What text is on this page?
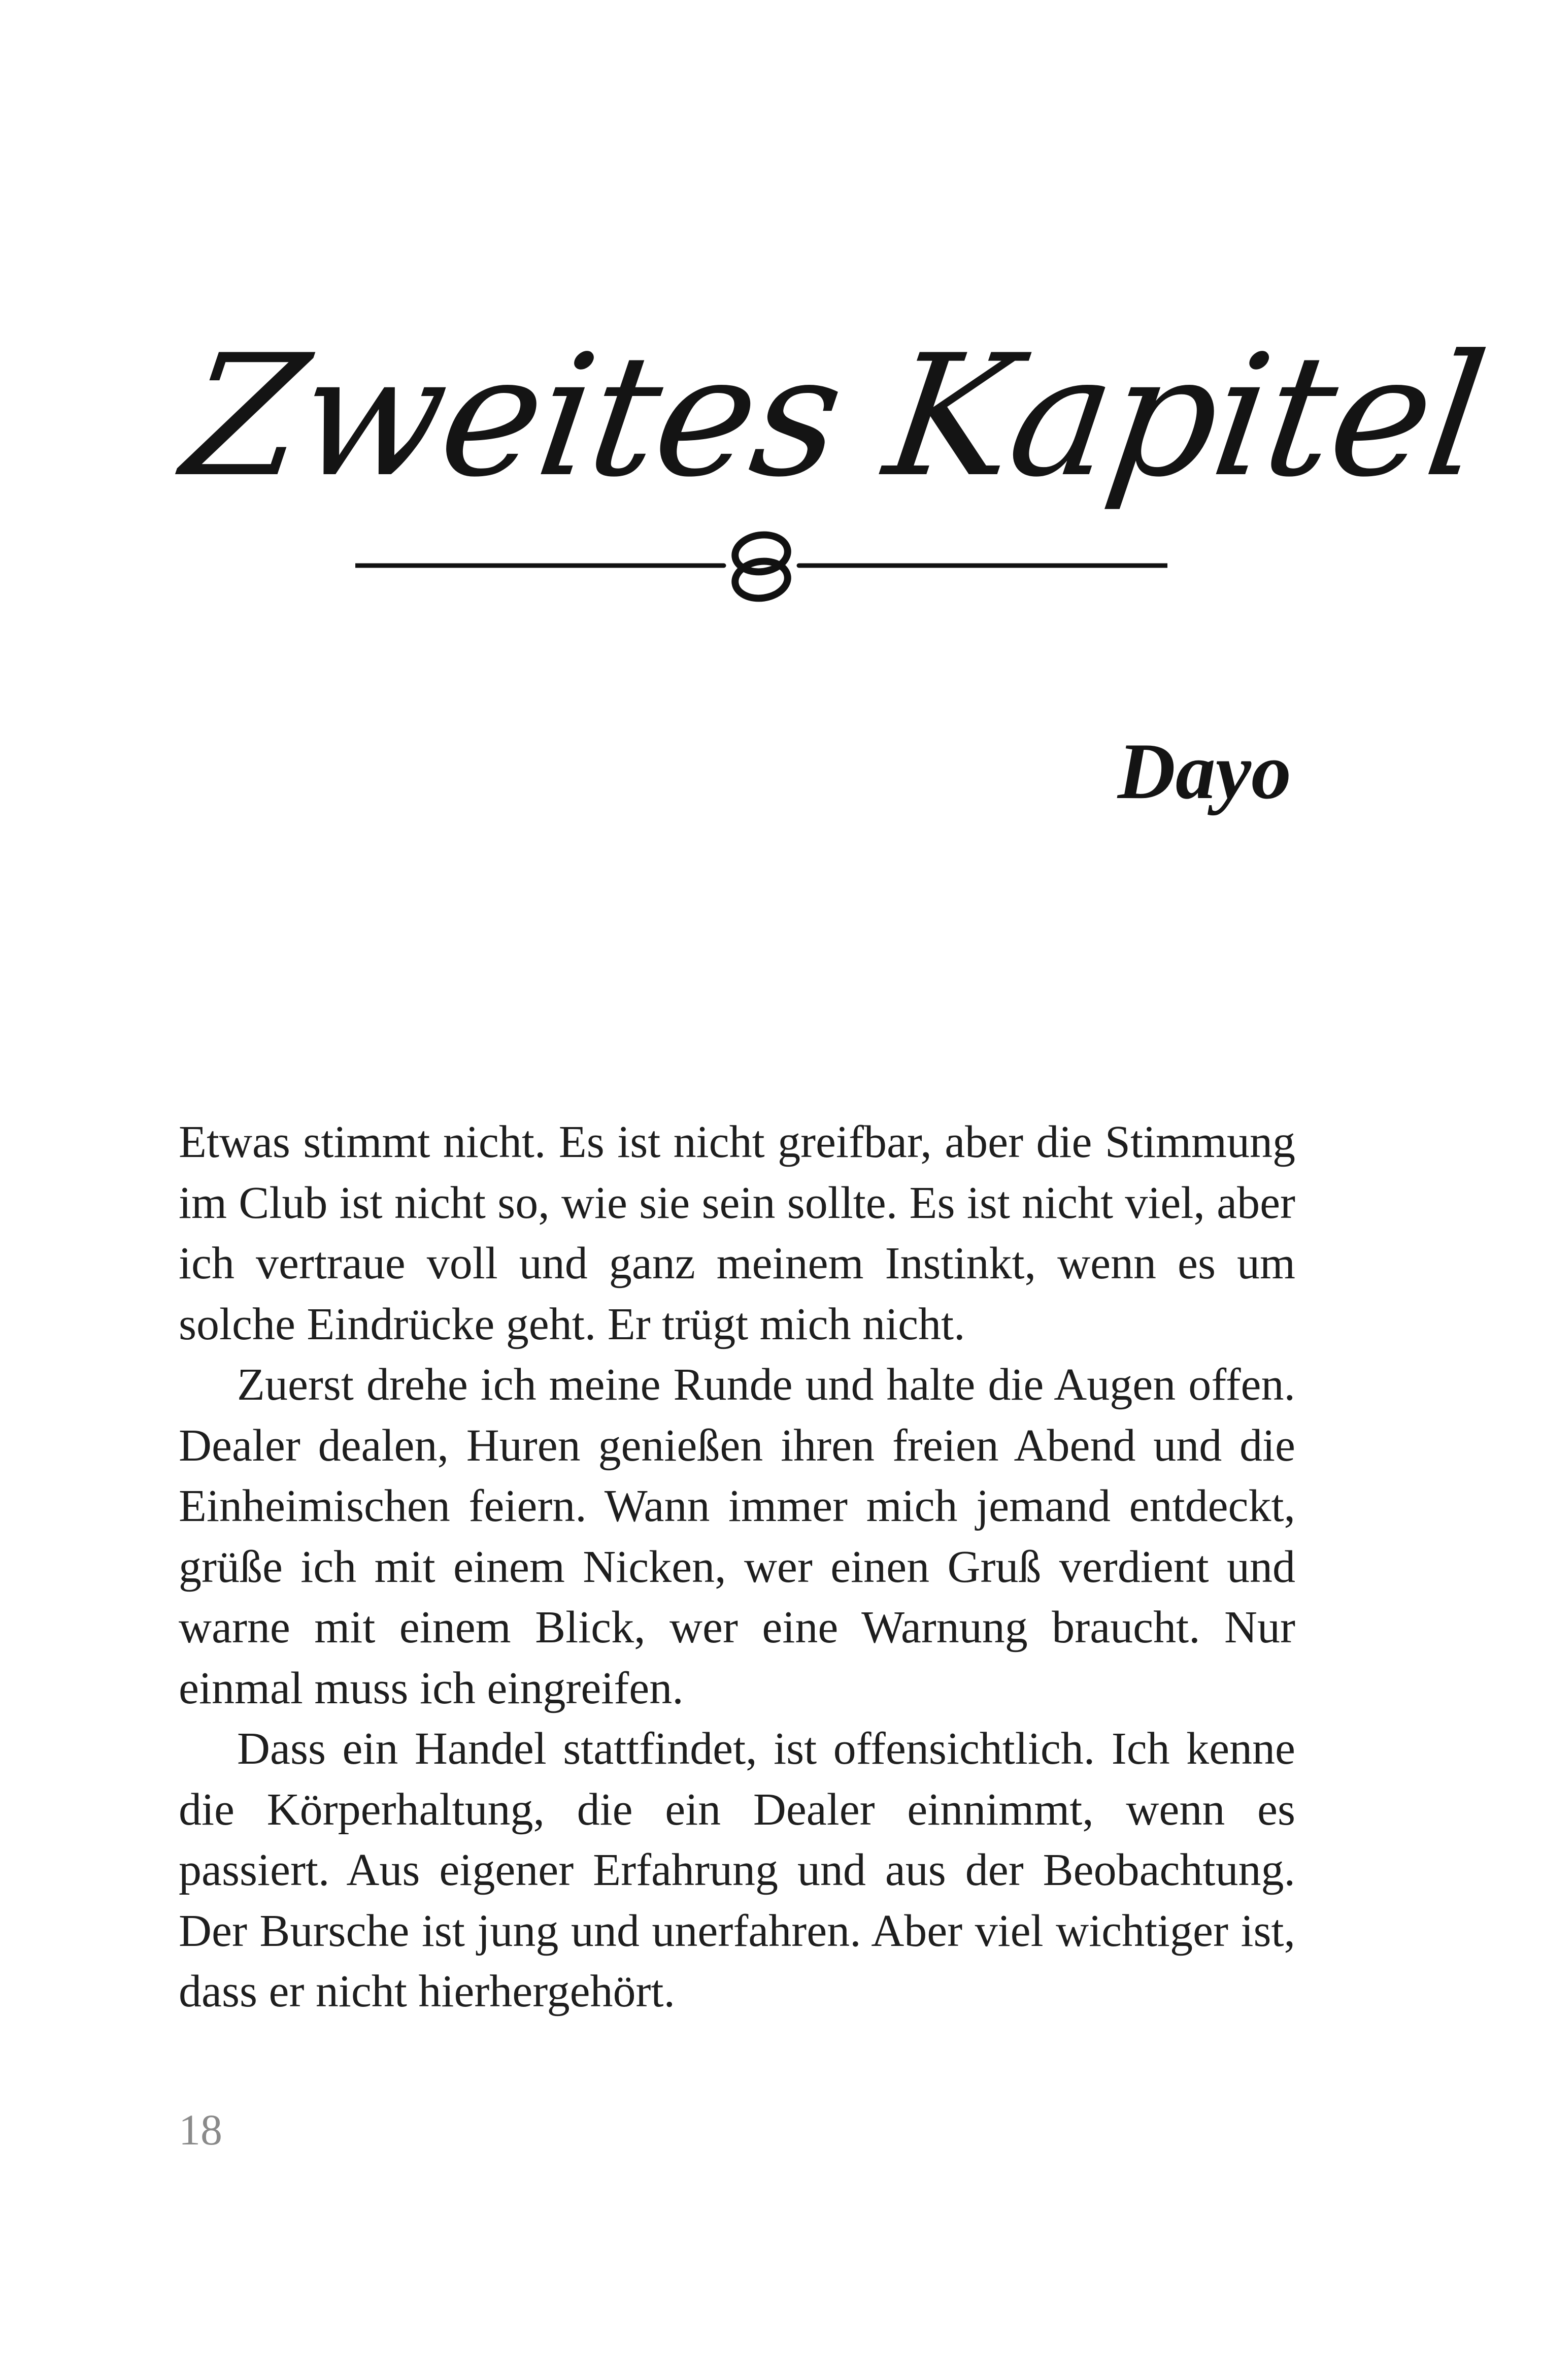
Zweites Kapitel
Dayo

Etwas stimmt nicht. Es ist nicht greifbar, aber die Stimmung im Club ist nicht so, wie sie sein sollte. Es ist nicht viel, aber ich vertraue voll und ganz meinem Instinkt, wenn es um solche Eindrücke geht. Er trügt mich nicht.

Zuerst drehe ich meine Runde und halte die Augen offen. Dealer dealen, Huren genießen ihren freien Abend und die Einheimischen feiern. Wann immer mich jemand entdeckt, grüße ich mit einem Nicken, wer einen Gruß verdient und warne mit einem Blick, wer eine Warnung braucht. Nur einmal muss ich eingreifen.

Dass ein Handel stattfindet, ist offensichtlich. Ich kenne die Körperhaltung, die ein Dealer einnimmt, wenn es passiert. Aus eigener Erfahrung und aus der Beobachtung. Der Bursche ist jung und unerfahren. Aber viel wichtiger ist, dass er nicht hierhergehört.

18
